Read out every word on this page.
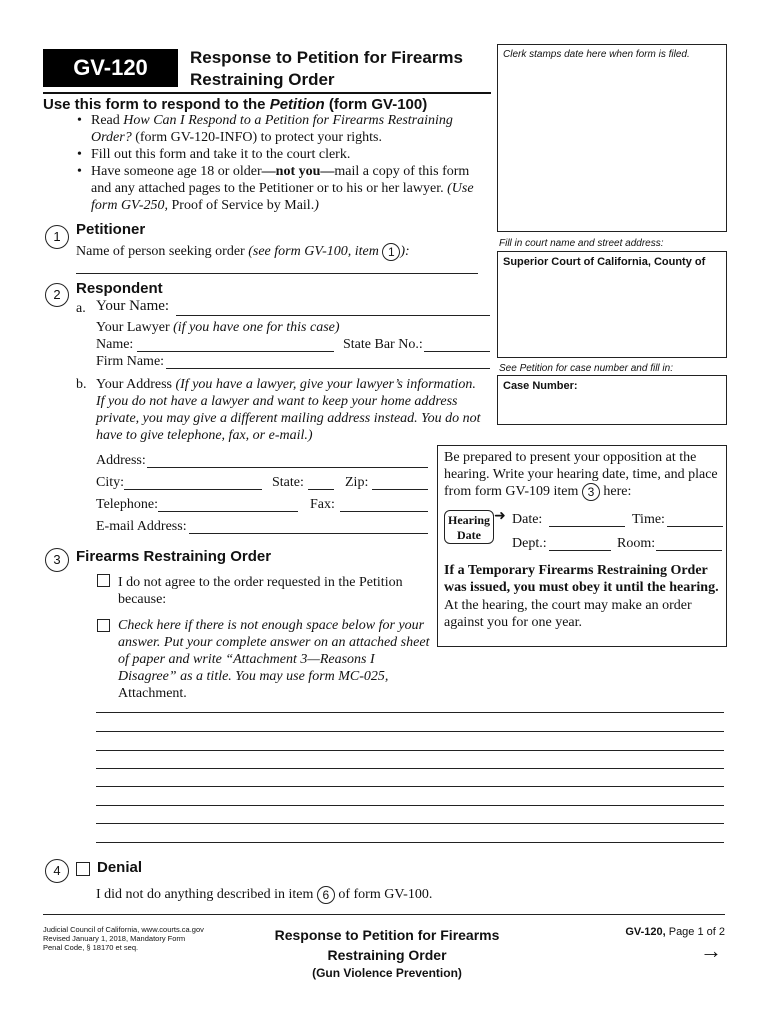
GV-120	Response to Petition for Firearms
Restraining Order
Clerk stamps date here when form is filed.
Fill in court name and street address:
Superior Court of California, County of
See Petition for case number and fill in:
Case Number:
Use this form to respond to the Petition (form GV-100)
• Read How Can I Respond to a Petition for Firearms Restraining Order? (form GV-120-INFO) to protect your rights.
• Fill out this form and take it to the court clerk.
• Have someone age 18 or older—not you—mail a copy of this form and any attached pages to the Petitioner or to his or her lawyer. (Use form GV-250, Proof of Service by Mail.)
1	Petitioner
Name of person seeking order (see form GV-100, item 1 ):
2	Respondent
a. Your Name:
Your Lawyer (if you have one for this case)
Name:	State Bar No.:
Firm Name:
b. Your Address (If you have a lawyer, give your lawyer’s information. If you do not have a lawyer and want to keep your home address private, you may give a different mailing address instead. You do not have to give telephone, fax, or e-mail.)
Address:
City:	State:	Zip:
Telephone:	Fax:
E-mail Address:
Be prepared to present your opposition at the hearing. Write your hearing date, time, and place from form GV-109 item 3 here:
Hearing
Date
➜ Date:	Time:
Dept.:	Room:
If a Temporary Firearms Restraining Order was issued, you must obey it until the hearing.
At the hearing, the court may make an order against you for one year.
3	Firearms Restraining Order
I do not agree to the order requested in the Petition because:
Check here if there is not enough space below for your answer. Put your complete answer on an attached sheet of paper and write “Attachment 3—Reasons I Disagree” as a title. You may use form MC-025, Attachment.
4	Denial
I did not do anything described in item 6 of form GV-100.
Judicial Council of California, www.courts.ca.gov
Revised January 1, 2018, Mandatory Form
Penal Code, § 18170 et seq.
Response to Petition for Firearms
Restraining Order
(Gun Violence Prevention)
GV-120, Page 1 of 2
→
